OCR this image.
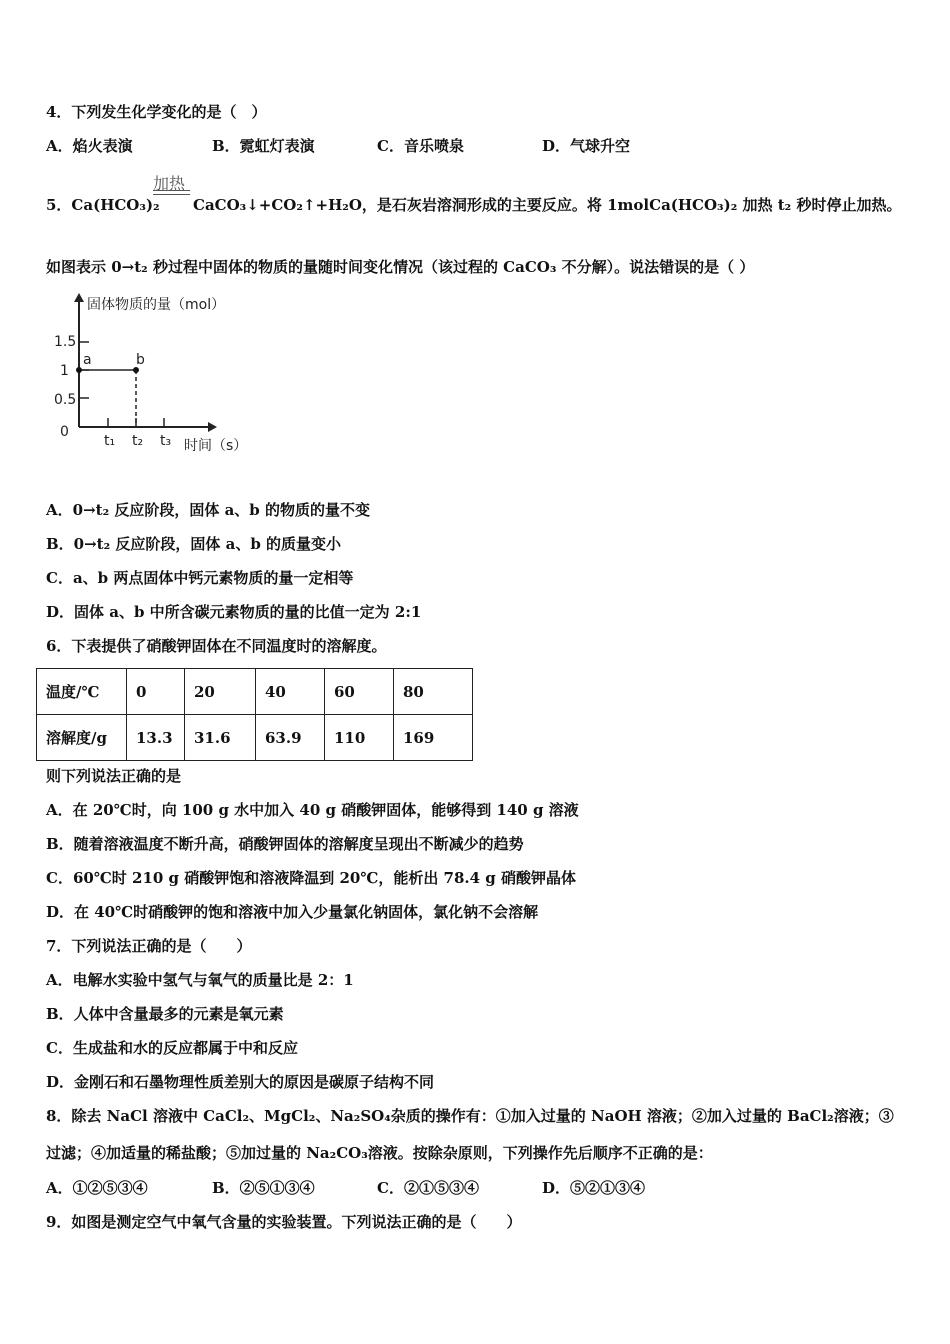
4．下列发生化学变化的是（　）
A．焰火表演	B．霓虹灯表演	C．音乐喷泉	D．气球升空
5．Ca(HCO₃)₂
加热
CaCO₃↓+CO₂↑+H₂O，是石灰岩溶洞形成的主要反应。将 1molCa(HCO₃)₂ 加热 t₂ 秒时停止加热。
如图表示 0→t₂ 秒过程中固体的物质的量随时间变化情况（该过程的 CaCO₃ 不分解）。说法错误的是（ ）
固体物质的量（mol）
1.5
1
0.5
0
a	b
t₁ t₂ t₃ 时间（s）
A．0→t₂ 反应阶段，固体 a、b 的物质的量不变
B．0→t₂ 反应阶段，固体 a、b 的质量变小
C．a、b 两点固体中钙元素物质的量一定相等
D．固体 a、b 中所含碳元素物质的量的比值一定为 2:1
6．下表提供了硝酸钾固体在不同温度时的溶解度。
温度/℃	0	20	40	60	80
溶解度/g	13.3	31.6	63.9	110	169
则下列说法正确的是
A．在 20℃时，向 100 g 水中加入 40 g 硝酸钾固体，能够得到 140 g 溶液
B．随着溶液温度不断升高，硝酸钾固体的溶解度呈现出不断减少的趋势
C．60℃时 210 g 硝酸钾饱和溶液降温到 20℃，能析出 78.4 g 硝酸钾晶体
D．在 40℃时硝酸钾的饱和溶液中加入少量氯化钠固体，氯化钠不会溶解
7．下列说法正确的是（　　）
A．电解水实验中氢气与氧气的质量比是 2：1
B．人体中含量最多的元素是氧元素
C．生成盐和水的反应都属于中和反应
D．金刚石和石墨物理性质差别大的原因是碳原子结构不同
8．除去 NaCl 溶液中 CaCl₂、MgCl₂、Na₂SO₄杂质的操作有：①加入过量的 NaOH 溶液；②加入过量的 BaCl₂溶液；③
过滤；④加适量的稀盐酸；⑤加过量的 Na₂CO₃溶液。按除杂原则，下列操作先后顺序不正确的是：
A．①②⑤③④	B．②⑤①③④	C．②①⑤③④	D．⑤②①③④
9．如图是测定空气中氧气含量的实验装置。下列说法正确的是（　　）
